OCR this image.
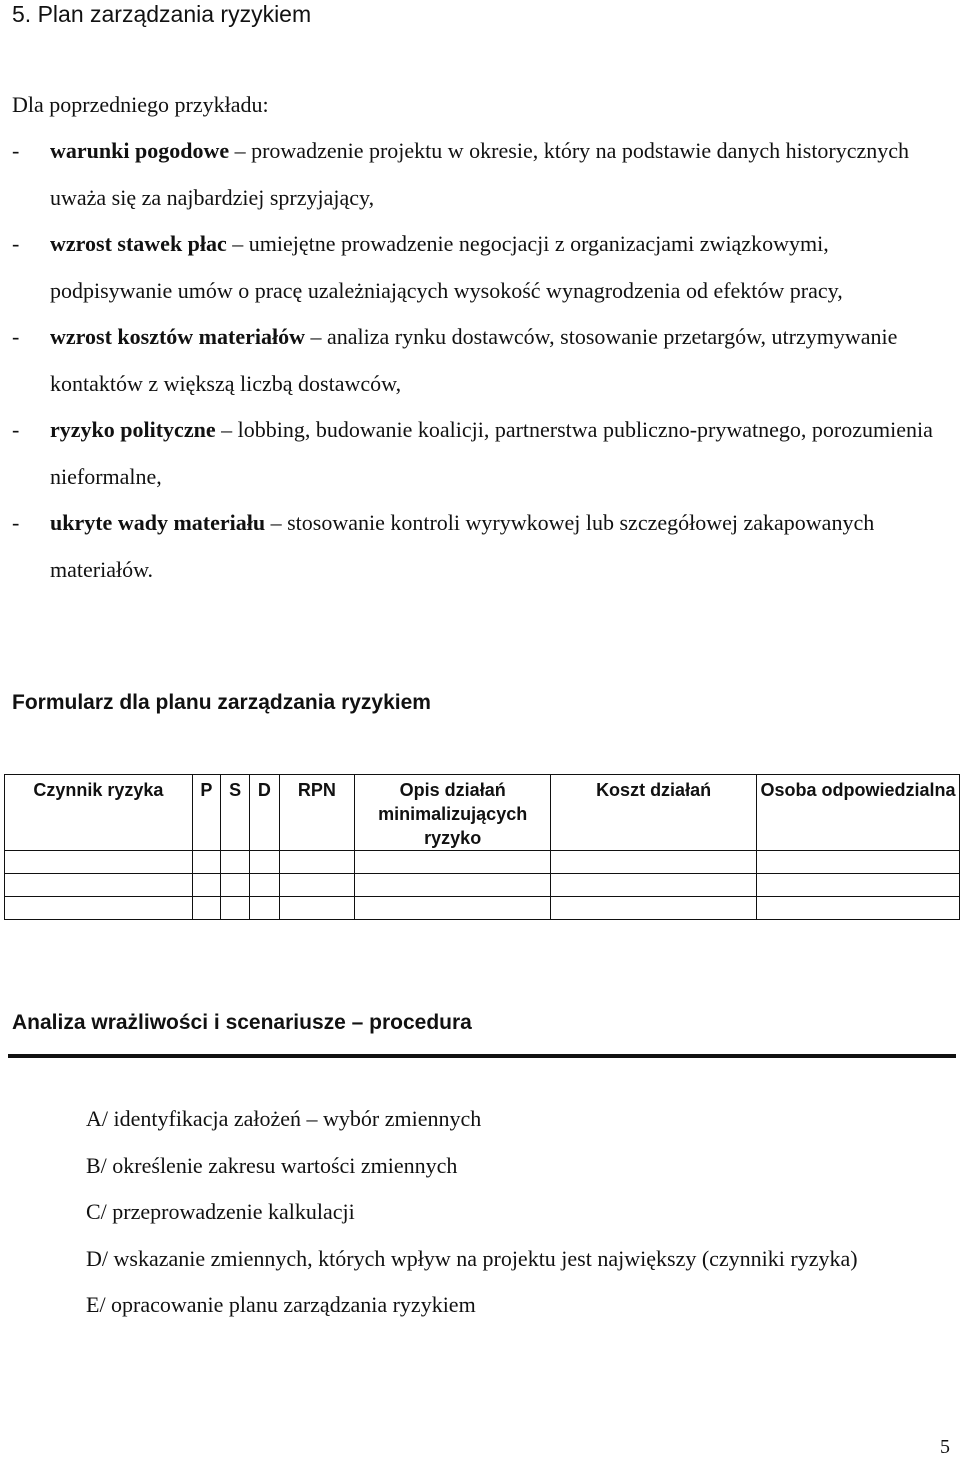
5. Plan zarządzania ryzykiem
Dla poprzedniego przykładu:
- warunki pogodowe – prowadzenie projektu w okresie, który na podstawie danych historycznych uważa się za najbardziej sprzyjający,
- wzrost stawek płac – umiejętne prowadzenie negocjacji z organizacjami związkowymi, podpisywanie umów o pracę uzależniających wysokość wynagrodzenia od efektów pracy,
- wzrost kosztów materiałów – analiza rynku dostawców, stosowanie przetargów, utrzymywanie kontaktów z większą liczbą dostawców,
- ryzyko polityczne – lobbing, budowanie koalicji, partnerstwa publiczno-prywatnego, porozumienia nieformalne,
- ukryte wady materiału – stosowanie kontroli wyrywkowej lub szczegółowej zakapowanych materiałów.
Formularz dla planu zarządzania ryzykiem
Czynnik ryzyka	P	S	D	RPN	Opis działań minimalizujących ryzyko	Koszt działań	Osoba odpowiedzialna

Analiza wrażliwości i scenariusze – procedura
A/ identyfikacja założeń – wybór zmiennych
B/ określenie zakresu wartości zmiennych
C/ przeprowadzenie kalkulacji
D/ wskazanie zmiennych, których wpływ na projektu jest największy (czynniki ryzyka)
E/ opracowanie planu zarządzania ryzykiem
5
